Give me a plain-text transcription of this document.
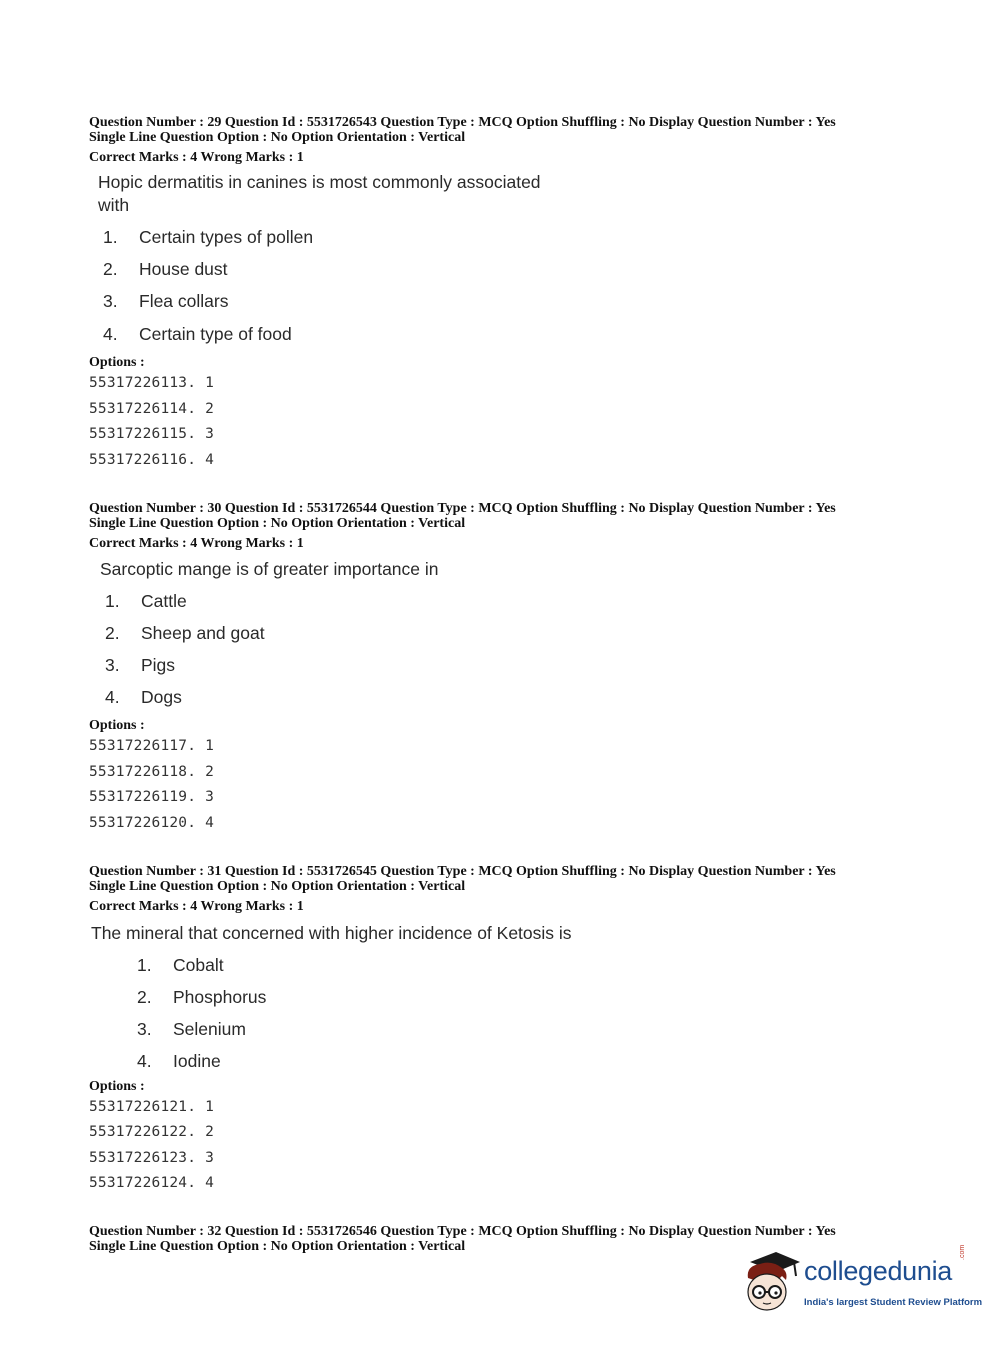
Question Number : 29 Question Id : 5531726543 Question Type : MCQ Option Shuffling : No Display Question Number : Yes
Single Line Question Option : No Option Orientation : Vertical
Correct Marks : 4 Wrong Marks : 1
Hopic dermatitis in canines is most commonly associated
with
1. Certain types of pollen
2. House dust
3. Flea collars
4. Certain type of food
Options :
55317226113. 1
55317226114. 2
55317226115. 3
55317226116. 4
Question Number : 30 Question Id : 5531726544 Question Type : MCQ Option Shuffling : No Display Question Number : Yes
Single Line Question Option : No Option Orientation : Vertical
Correct Marks : 4 Wrong Marks : 1
Sarcoptic mange is of greater importance in
1. Cattle
2. Sheep and goat
3. Pigs
4. Dogs
Options :
55317226117. 1
55317226118. 2
55317226119. 3
55317226120. 4
Question Number : 31 Question Id : 5531726545 Question Type : MCQ Option Shuffling : No Display Question Number : Yes
Single Line Question Option : No Option Orientation : Vertical
Correct Marks : 4 Wrong Marks : 1
The mineral that concerned with higher incidence of Ketosis is
1. Cobalt
2. Phosphorus
3. Selenium
4. Iodine
Options :
55317226121. 1
55317226122. 2
55317226123. 3
55317226124. 4
Question Number : 32 Question Id : 5531726546 Question Type : MCQ Option Shuffling : No Display Question Number : Yes
Single Line Question Option : No Option Orientation : Vertical
collegedunia
.com
India's largest Student Review Platform
